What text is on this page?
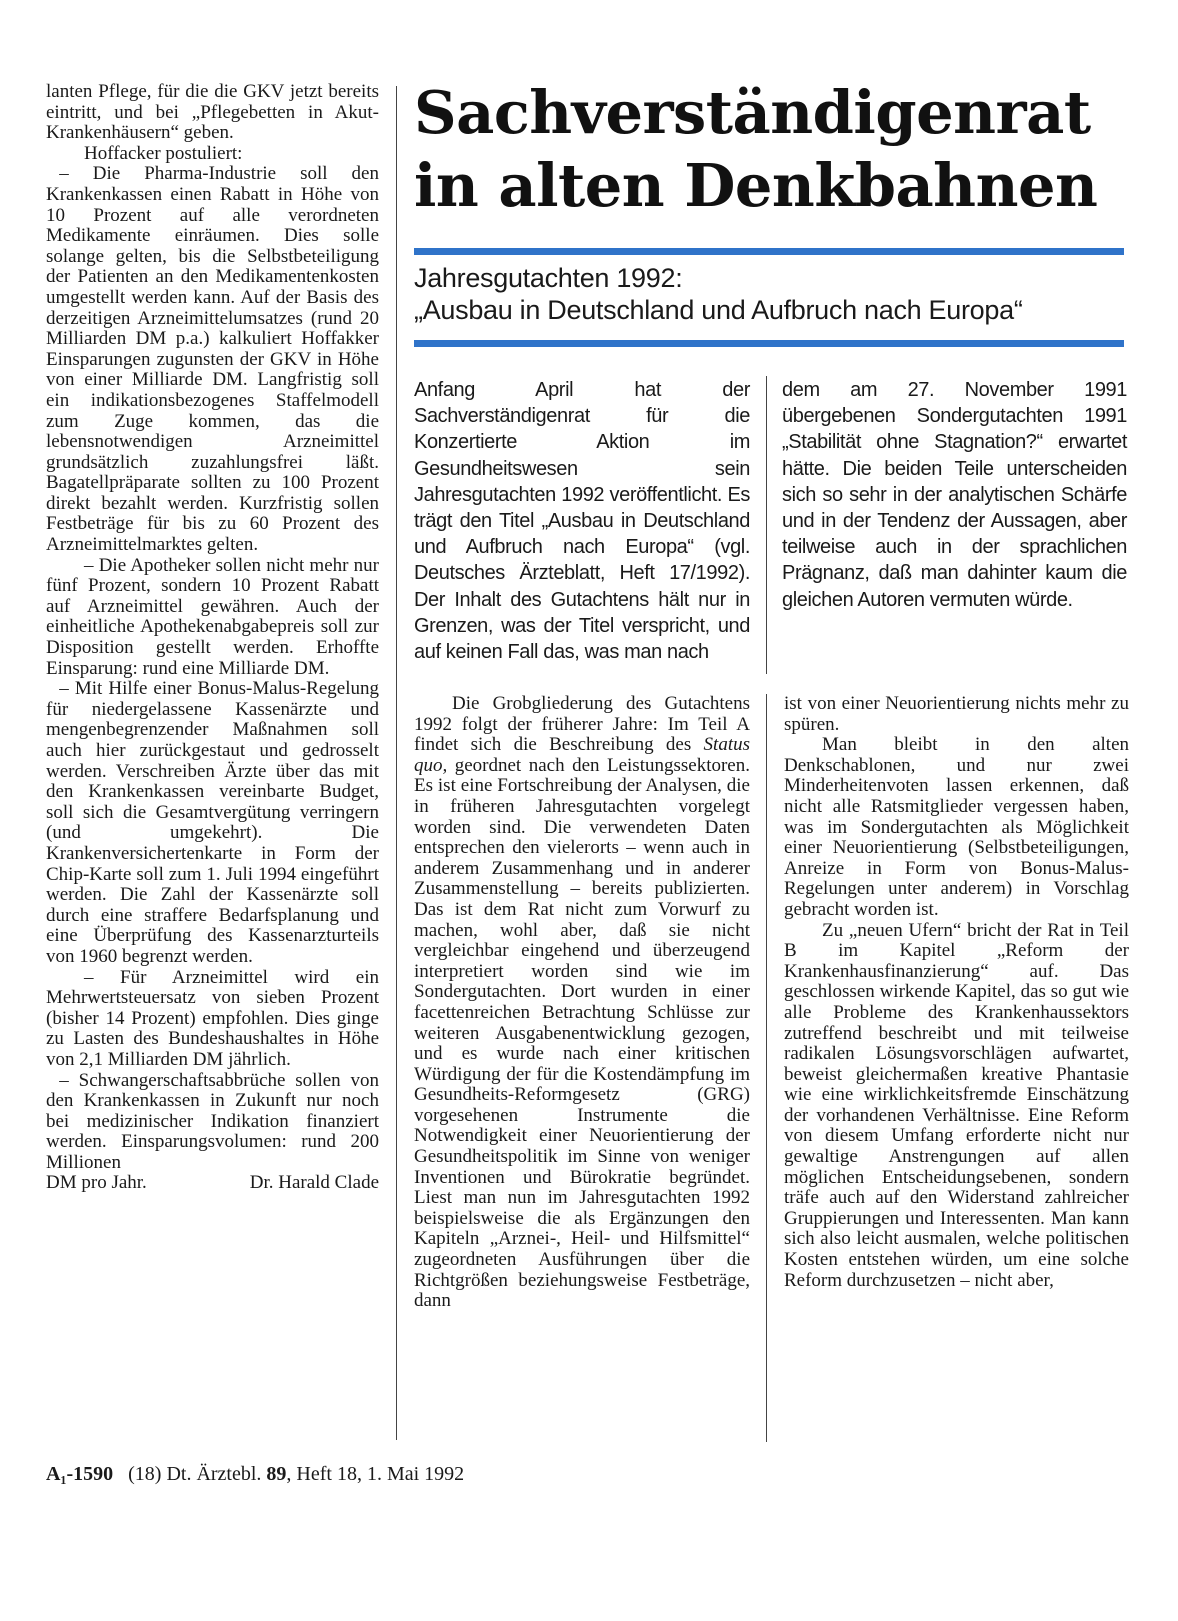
lanten Pflege, für die die GKV jetzt bereits eintritt, und bei „Pflegebetten in Akut-Krankenhäusern“ geben.

Hoffacker postuliert:

– Die Pharma-Industrie soll den Krankenkassen einen Rabatt in Höhe von 10 Prozent auf alle verordneten Medikamente einräumen. Dies solle solange gelten, bis die Selbstbeteiligung der Patienten an den Medikamentenkosten umgestellt werden kann. Auf der Basis des derzeitigen Arzneimittelumsatzes (rund 20 Milliarden DM p.a.) kalkuliert Hoffakker Einsparungen zugunsten der GKV in Höhe von einer Milliarde DM. Langfristig soll ein indikationsbezogenes Staffelmodell zum Zuge kommen, das die lebensnotwendigen Arzneimittel grundsätzlich zuzahlungsfrei läßt. Bagatellpräparate sollten zu 100 Prozent direkt bezahlt werden. Kurzfristig sollen Festbeträge für bis zu 60 Prozent des Arzneimittelmarktes gelten.

– Die Apotheker sollen nicht mehr nur fünf Prozent, sondern 10 Prozent Rabatt auf Arzneimittel gewähren. Auch der einheitliche Apothekenabgabepreis soll zur Disposition gestellt werden. Erhoffte Einsparung: rund eine Milliarde DM.

– Mit Hilfe einer Bonus-Malus-Regelung für niedergelassene Kassenärzte und mengenbegrenzender Maßnahmen soll auch hier zurückgestaut und gedrosselt werden. Verschreiben Ärzte über das mit den Krankenkassen vereinbarte Budget, soll sich die Gesamtvergütung verringern (und umgekehrt). Die Krankenversichertenkarte in Form der Chip-Karte soll zum 1. Juli 1994 eingeführt werden. Die Zahl der Kassenärzte soll durch eine straffere Bedarfsplanung und eine Überprüfung des Kassenarzturteils von 1960 begrenzt werden.

– Für Arzneimittel wird ein Mehrwertsteuersatz von sieben Prozent (bisher 14 Prozent) empfohlen. Dies ginge zu Lasten des Bundeshaushaltes in Höhe von 2,1 Milliarden DM jährlich.

– Schwangerschaftsabbrüche sollen von den Krankenkassen in Zukunft nur noch bei medizinischer Indikation finanziert werden. Einsparungsvolumen: rund 200 Millionen

DM pro Jahr.	Dr. Harald Clade
Sachverständigenrat
in alten Denkbahnen
Jahresgutachten 1992:
„Ausbau in Deutschland und Aufbruch nach Europa“

Anfang April hat der Sachverständigenrat für die Konzertierte Aktion im Gesundheitswesen sein Jahresgutachten 1992 veröffentlicht. Es trägt den Titel „Ausbau in Deutschland und Aufbruch nach Europa“ (vgl. Deutsches Ärzteblatt, Heft 17/1992). Der Inhalt des Gutachtens hält nur in Grenzen, was der Titel verspricht, und auf keinen Fall das, was man nach

dem am 27. November 1991 übergebenen Sondergutachten 1991 „Stabilität ohne Stagnation?“ erwartet hätte. Die beiden Teile unterscheiden sich so sehr in der analytischen Schärfe und in der Tendenz der Aussagen, aber teilweise auch in der sprachlichen Prägnanz, daß man dahinter kaum die gleichen Autoren vermuten würde.

Die Grobgliederung des Gutachtens 1992 folgt der früherer Jahre: Im Teil A findet sich die Beschreibung des Status quo, geordnet nach den Leistungssektoren. Es ist eine Fortschreibung der Analysen, die in früheren Jahresgutachten vorgelegt worden sind. Die verwendeten Daten entsprechen den vielerorts – wenn auch in anderem Zusammenhang und in anderer Zusammenstellung – bereits publizierten. Das ist dem Rat nicht zum Vorwurf zu machen, wohl aber, daß sie nicht vergleichbar eingehend und überzeugend interpretiert worden sind wie im Sondergutachten. Dort wurden in einer facettenreichen Betrachtung Schlüsse zur weiteren Ausgabenentwicklung gezogen, und es wurde nach einer kritischen Würdigung der für die Kostendämpfung im Gesundheits-Reformgesetz (GRG) vorgesehenen Instrumente die Notwendigkeit einer Neuorientierung der Gesundheitspolitik im Sinne von weniger Inventionen und Bürokratie begründet. Liest man nun im Jahresgutachten 1992 beispielsweise die als Ergänzungen den Kapiteln „Arznei-, Heil- und Hilfsmittel“ zugeordneten Ausführungen über die Richtgrößen beziehungsweise Festbeträge, dann

ist von einer Neuorientierung nichts mehr zu spüren.

Man bleibt in den alten Denkschablonen, und nur zwei Minderheitenvoten lassen erkennen, daß nicht alle Ratsmitglieder vergessen haben, was im Sondergutachten als Möglichkeit einer Neuorientierung (Selbstbeteiligungen, Anreize in Form von Bonus-Malus-Regelungen unter anderem) in Vorschlag gebracht worden ist.

Zu „neuen Ufern“ bricht der Rat in Teil B im Kapitel „Reform der Krankenhausfinanzierung“ auf. Das geschlossen wirkende Kapitel, das so gut wie alle Probleme des Krankenhaussektors zutreffend beschreibt und mit teilweise radikalen Lösungsvorschlägen aufwartet, beweist gleichermaßen kreative Phantasie wie eine wirklichkeitsfremde Einschätzung der vorhandenen Verhältnisse. Eine Reform von diesem Umfang erforderte nicht nur gewaltige Anstrengungen auf allen möglichen Entscheidungsebenen, sondern träfe auch auf den Widerstand zahlreicher Gruppierungen und Interessenten. Man kann sich also leicht ausmalen, welche politischen Kosten entstehen würden, um eine solche Reform durchzusetzen – nicht aber,

A₁-1590 (18) Dt. Ärztebl. 89, Heft 18, 1. Mai 1992
